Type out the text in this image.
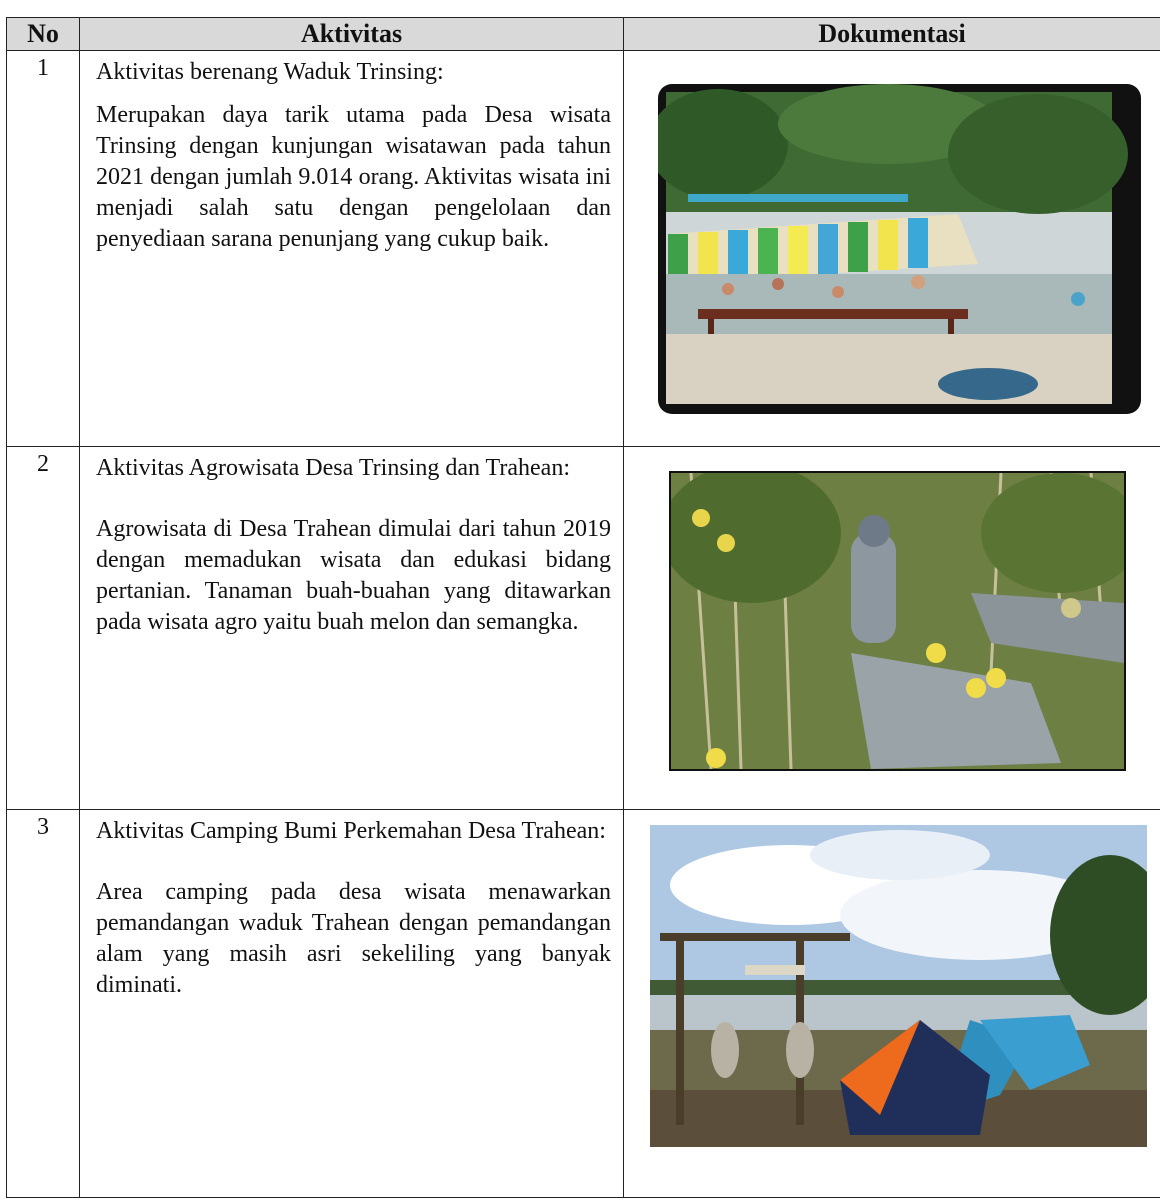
No	Aktivitas	Dokumentasi
1	Aktivitas berenang Waduk Trinsing:

Merupakan daya tarik utama pada Desa wisata Trinsing dengan kunjungan wisatawan pada tahun 2021 dengan jumlah 9.014 orang. Aktivitas wisata ini menjadi salah satu dengan pengelolaan dan penyediaan sarana penunjang yang cukup baik.

2	Aktivitas Agrowisata Desa Trinsing dan Trahean:

Agrowisata di Desa Trahean dimulai dari tahun 2019 dengan memadukan wisata dan edukasi bidang pertanian. Tanaman buah-buahan yang ditawarkan pada wisata agro yaitu buah melon dan semangka.

3	Aktivitas Camping Bumi Perkemahan Desa Trahean:

Area camping pada desa wisata menawarkan pemandangan waduk Trahean dengan pemandangan alam yang masih asri sekeliling yang banyak diminati.
